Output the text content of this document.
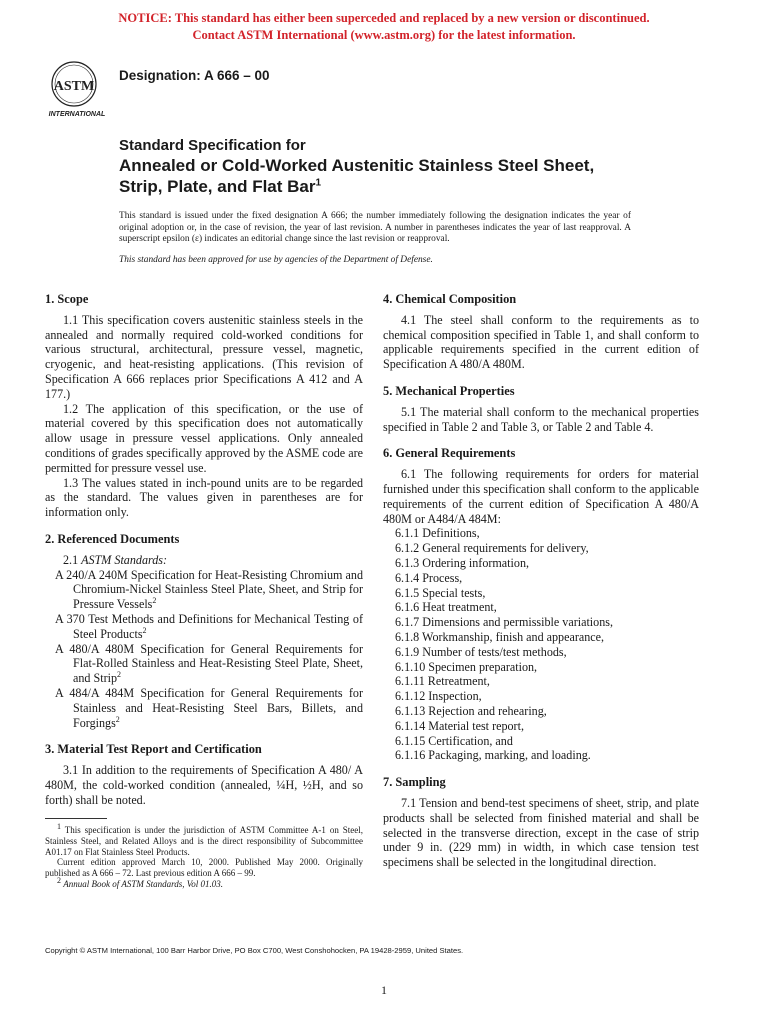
NOTICE: This standard has either been superceded and replaced by a new version or discontinued.
Contact ASTM International (www.astm.org) for the latest information.
ASTM
INTERNATIONAL
Designation: A 666 – 00
Standard Specification for
Annealed or Cold-Worked Austenitic Stainless Steel Sheet,
Strip, Plate, and Flat Bar$^1$
This standard is issued under the fixed designation A 666; the number immediately following the designation indicates the year of original adoption or, in the case of revision, the year of last revision. A number in parentheses indicates the year of last reapproval. A superscript epsilon (ε) indicates an editorial change since the last revision or reapproval.
This standard has been approved for use by agencies of the Department of Defense.
1. Scope

1.1 This specification covers austenitic stainless steels in the annealed and normally required cold-worked conditions for various structural, architectural, pressure vessel, magnetic, cryogenic, and heat-resisting applications. (This revision of Specification A 666 replaces prior Specifications A 412 and A 177.)

1.2 The application of this specification, or the use of material covered by this specification does not automatically allow usage in pressure vessel applications. Only annealed conditions of grades specifically approved by the ASME code are permitted for pressure vessel use.

1.3 The values stated in inch-pound units are to be regarded as the standard. The values given in parentheses are for information only.

2. Referenced Documents

2.1 ASTM Standards:

A 240/A 240M Specification for Heat-Resisting Chromium and Chromium-Nickel Stainless Steel Plate, Sheet, and Strip for Pressure Vessels$^2$

A 370 Test Methods and Definitions for Mechanical Testing of Steel Products$^2$

A 480/A 480M Specification for General Requirements for Flat-Rolled Stainless and Heat-Resisting Steel Plate, Sheet, and Strip$^2$

A 484/A 484M Specification for General Requirements for Stainless and Heat-Resisting Steel Bars, Billets, and Forgings$^2$

3. Material Test Report and Certification

3.1 In addition to the requirements of Specification A 480/ A 480M, the cold-worked condition (annealed, ¼H, ½H, and so forth) shall be noted.

$^1$ This specification is under the jurisdiction of ASTM Committee A-1 on Steel, Stainless Steel, and Related Alloys and is the direct responsibility of Subcommittee A01.17 on Flat Stainless Steel Products.

Current edition approved March 10, 2000. Published May 2000. Originally published as A 666 – 72. Last previous edition A 666 – 99.

$^2$ Annual Book of ASTM Standards, Vol 01.03.

4. Chemical Composition

4.1 The steel shall conform to the requirements as to chemical composition specified in Table 1, and shall conform to applicable requirements specified in the current edition of Specification A 480/A 480M.

5. Mechanical Properties

5.1 The material shall conform to the mechanical properties specified in Table 2 and Table 3, or Table 2 and Table 4.

6. General Requirements

6.1 The following requirements for orders for material furnished under this specification shall conform to the applicable requirements of the current edition of Specification A 480/A 480M or A484/A 484M:

6.1.1 Definitions,

6.1.2 General requirements for delivery,

6.1.3 Ordering information,

6.1.4 Process,

6.1.5 Special tests,

6.1.6 Heat treatment,

6.1.7 Dimensions and permissible variations,

6.1.8 Workmanship, finish and appearance,

6.1.9 Number of tests/test methods,

6.1.10 Specimen preparation,

6.1.11 Retreatment,

6.1.12 Inspection,

6.1.13 Rejection and rehearing,

6.1.14 Material test report,

6.1.15 Certification, and

6.1.16 Packaging, marking, and loading.

7. Sampling

7.1 Tension and bend-test specimens of sheet, strip, and plate products shall be selected from finished material and shall be selected in the transverse direction, except in the case of strip under 9 in. (229 mm) in width, in which case tension test specimens shall be selected in the longitudinal direction.

Copyright © ASTM International, 100 Barr Harbor Drive, PO Box C700, West Conshohocken, PA 19428-2959, United States.
1
